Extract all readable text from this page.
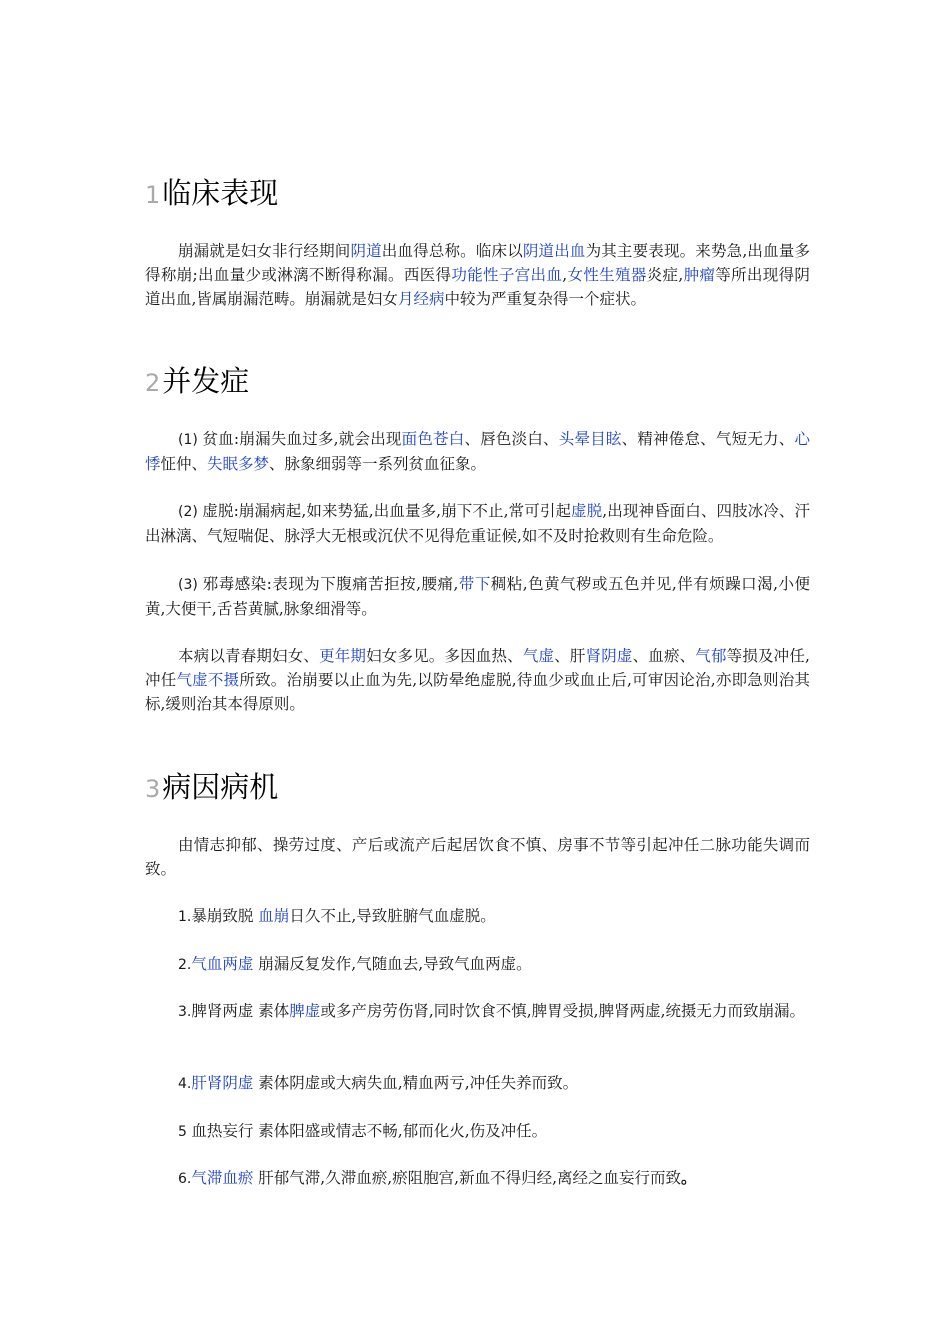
1临床表现

崩漏就是妇女非行经期间阴道出血得总称。临床以阴道出血为其主要表现。来势急,出血量多得称崩;出血量少或淋漓不断得称漏。西医得功能性子宫出血,女性生殖器炎症,肿瘤等所出现得阴道出血,皆属崩漏范畴。崩漏就是妇女月经病中较为严重复杂得一个症状。

2并发症

(1) 贫血:崩漏失血过多,就会出现面色苍白、唇色淡白、头晕目眩、精神倦怠、气短无力、心悸怔仲、失眠多梦、脉象细弱等一系列贫血征象。

(2) 虚脱:崩漏病起,如来势猛,出血量多,崩下不止,常可引起虚脱,出现神昏面白、四肢冰冷、汗出淋漓、气短喘促、脉浮大无根或沉伏不见得危重证候,如不及时抢救则有生命危险。

(3) 邪毒感染:表现为下腹痛苦拒按,腰痛,带下稠粘,色黄气秽或五色并见,伴有烦躁口渴,小便黄,大便干,舌苔黄腻,脉象细滑等。

本病以青春期妇女、更年期妇女多见。多因血热、气虚、肝肾阴虚、血瘀、气郁等损及冲任,冲任气虚不摄所致。治崩要以止血为先,以防晕绝虚脱,待血少或血止后,可审因论治,亦即急则治其标,缓则治其本得原则。

3病因病机

由情志抑郁、操劳过度、产后或流产后起居饮食不慎、房事不节等引起冲任二脉功能失调而致。

1.暴崩致脱 血崩日久不止,导致脏腑气血虚脱。

2.气血两虚 崩漏反复发作,气随血去,导致气血两虚。

3.脾肾两虚 素体脾虚或多产房劳伤肾,同时饮食不慎,脾胃受损,脾肾两虚,统摄无力而致崩漏。

4.肝肾阴虚 素体阴虚或大病失血,精血两亏,冲任失养而致。

5 血热妄行 素体阳盛或情志不畅,郁而化火,伤及冲任。

6.气滞血瘀 肝郁气滞,久滞血瘀,瘀阻胞宫,新血不得归经,离经之血妄行而致。
